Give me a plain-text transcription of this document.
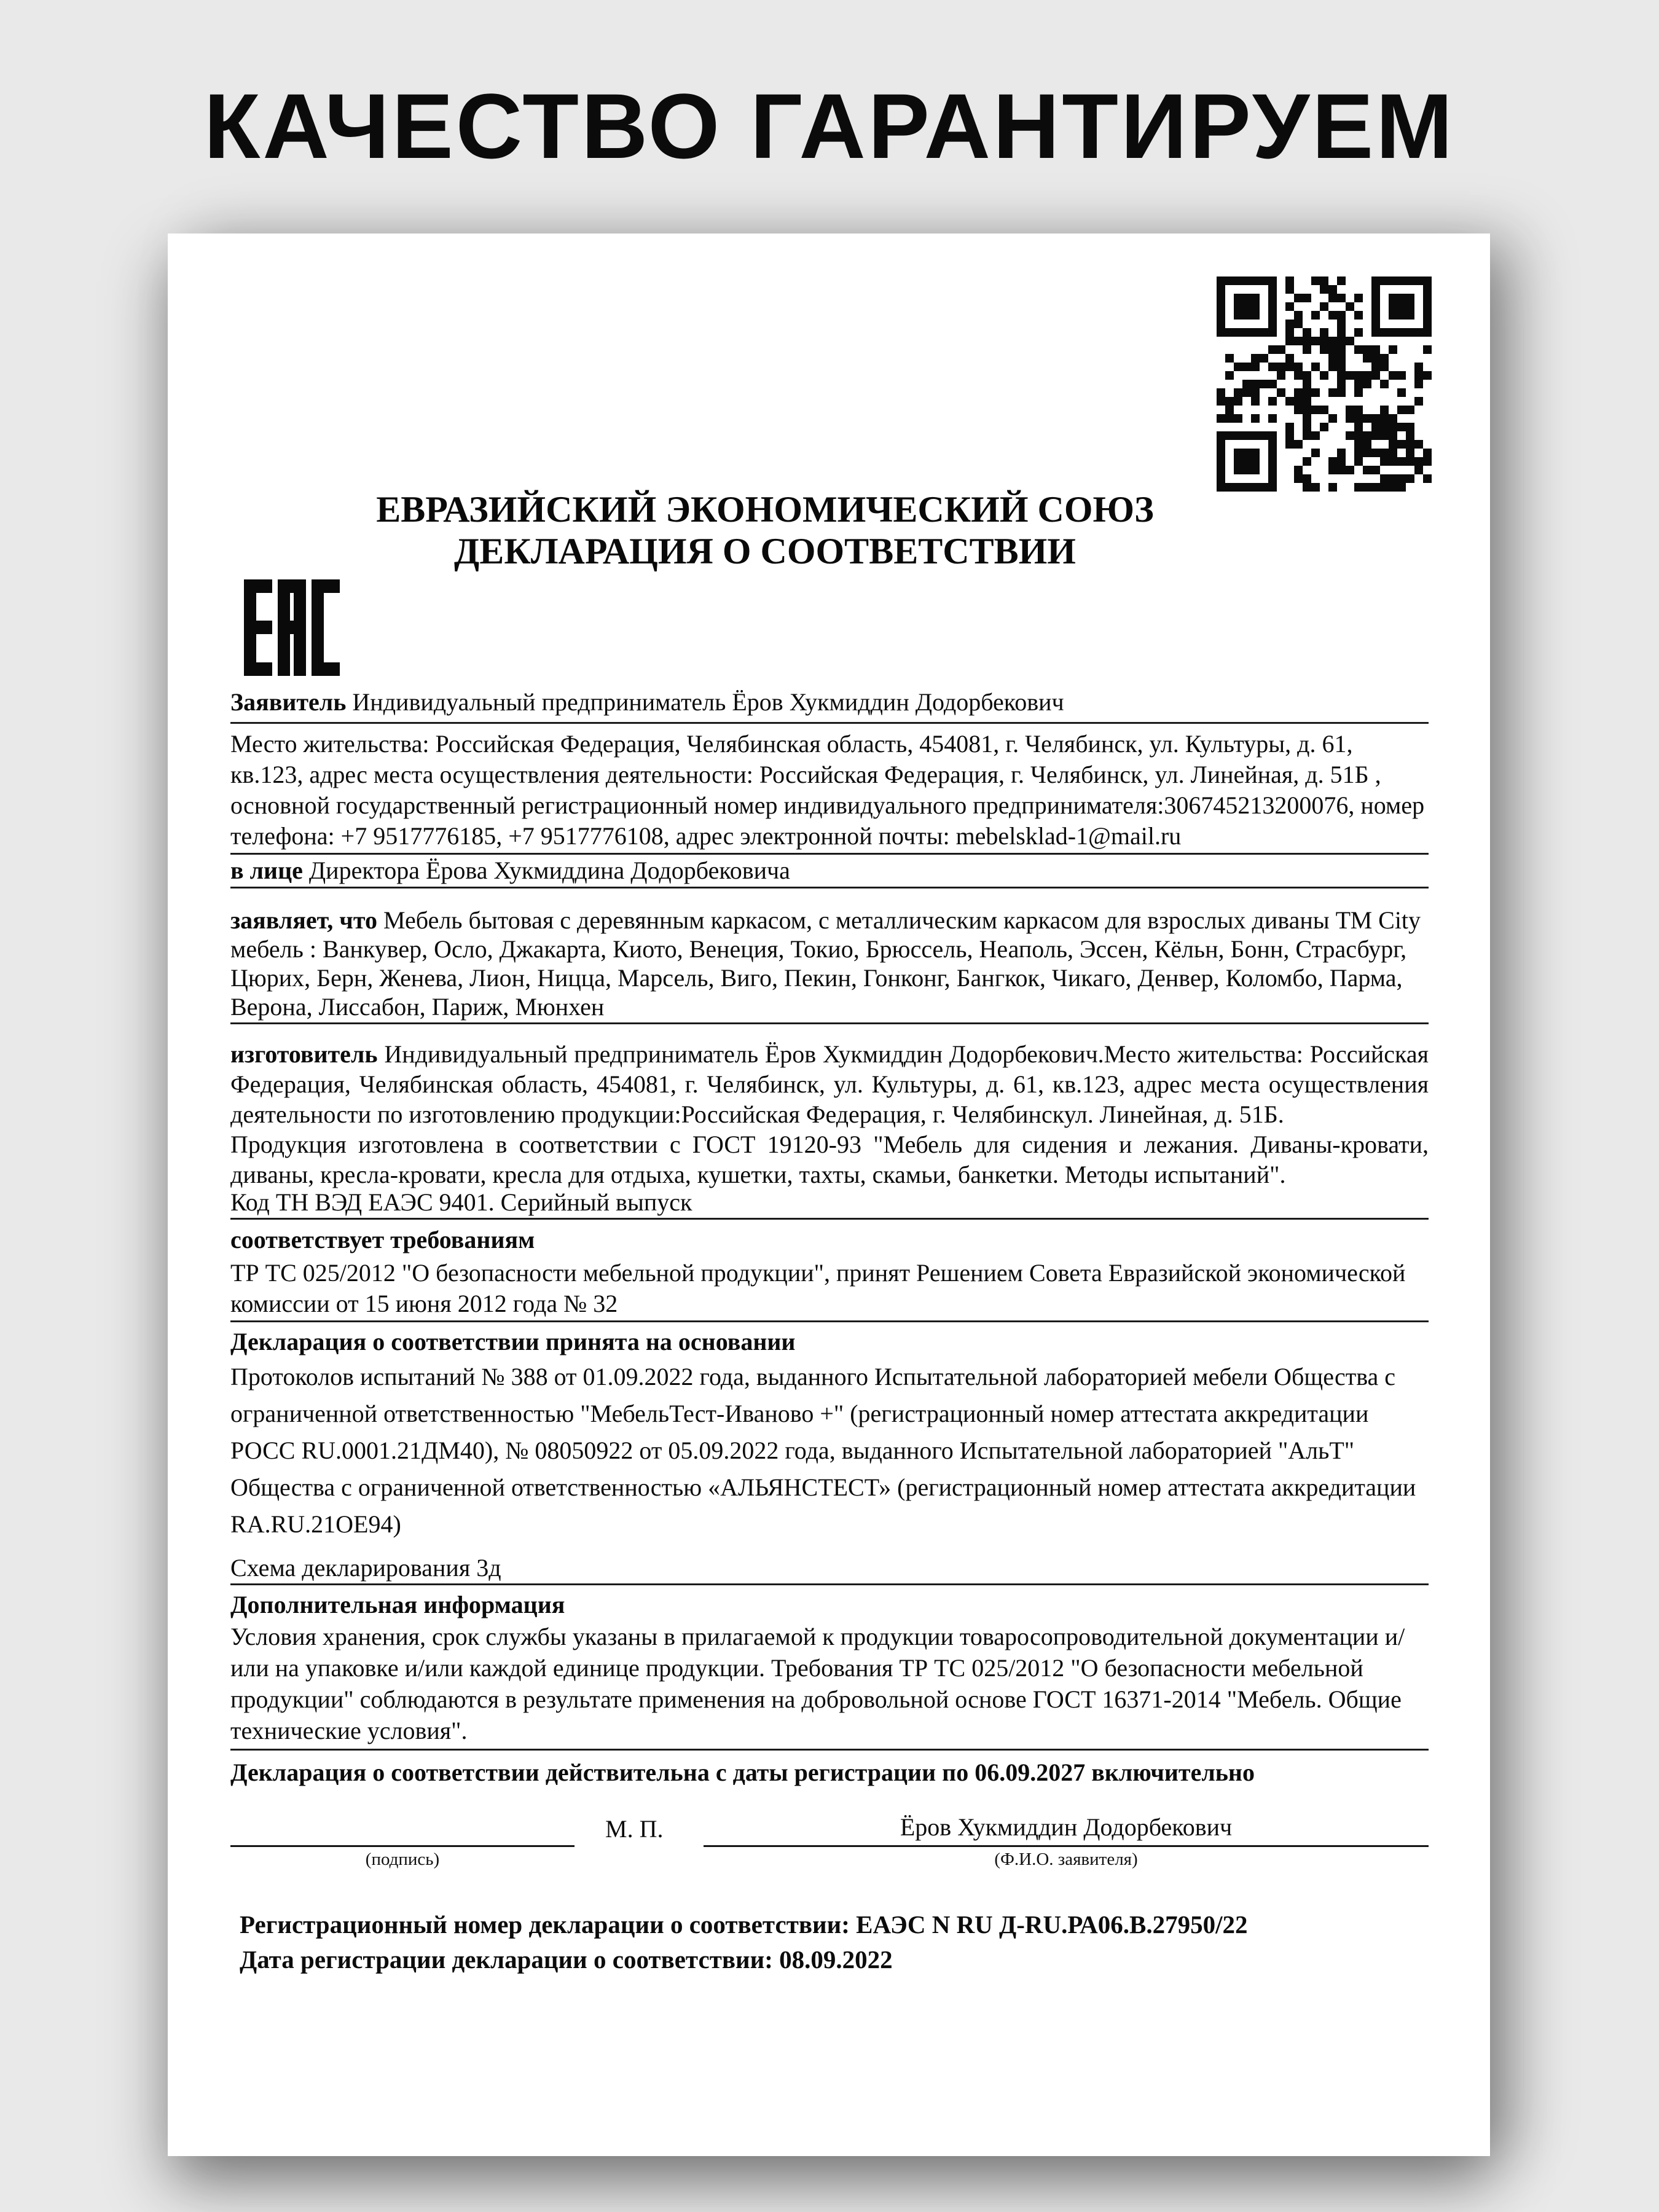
КАЧЕСТВО ГАРАНТИРУЕМ
ЕВРАЗИЙСКИЙ ЭКОНОМИЧЕСКИЙ СОЮЗ
ДЕКЛАРАЦИЯ О СООТВЕТСТВИИ

Заявитель Индивидуальный предприниматель Ёров Хукмиддин Додорбекович

Место жительства: Российская Федерация, Челябинская область, 454081, г. Челябинск, ул. Культуры, д. 61, кв.123, адрес места осуществления деятельности: Российская Федерация, г. Челябинск, ул. Линейная, д. 51Б , основной государственный регистрационный номер индивидуального предпринимателя:306745213200076, номер телефона: +7 9517776185, +7 9517776108, адрес электронной почты: mebelsklad-1@mail.ru

в лице Директора Ёрова Хукмиддина Додорбековича

заявляет, что Мебель бытовая с деревянным каркасом, с металлическим каркасом для взрослых диваны ТМ City мебель : Ванкувер, Осло, Джакарта, Киото, Венеция, Токио, Брюссель, Неаполь, Эссен, Кёльн, Бонн, Страсбург, Цюрих, Берн, Женева, Лион, Ницца, Марсель, Виго, Пекин, Гонконг, Бангкок, Чикаго, Денвер, Коломбо, Парма, Верона, Лиссабон, Париж, Мюнхен

изготовитель Индивидуальный предприниматель Ёров Хукмиддин Додорбекович.Место жительства: Российская Федерация, Челябинская область, 454081, г. Челябинск, ул. Культуры, д. 61, кв.123, адрес места осуществления деятельности по изготовлению продукции:Российская Федерация, г. Челябинскул. Линейная, д. 51Б.

Продукция изготовлена в соответствии с ГОСТ 19120-93 "Мебель для сидения и лежания. Диваны-кровати, диваны, кресла-кровати, кресла для отдыха, кушетки, тахты, скамьи, банкетки. Методы испытаний".

Код ТН ВЭД ЕАЭС 9401. Серийный выпуск

соответствует требованиям

ТР ТС 025/2012 "О безопасности мебельной продукции", принят Решением Совета Евразийской экономической комиссии от 15 июня 2012 года № 32

Декларация о соответствии принята на основании

Протоколов испытаний № 388 от 01.09.2022 года, выданного Испытательной лабораторией мебели Общества с ограниченной ответственностью "МебельТест-Иваново +" (регистрационный номер аттестата аккредитации РОСС RU.0001.21ДМ40), № 08050922 от 05.09.2022 года, выданного Испытательной лабораторией "АльТ" Общества с ограниченной ответственностью «АЛЬЯНСТЕСТ» (регистрационный номер аттестата аккредитации RA.RU.21OE94)

Схема декларирования 3д

Дополнительная информация

Условия хранения, срок службы указаны в прилагаемой к продукции товаросопроводительной документации и/или на упаковке и/или каждой единице продукции. Требования ТР ТС 025/2012 "О безопасности мебельной продукции" соблюдаются в результате применения на добровольной основе ГОСТ 16371-2014 "Мебель. Общие технические условия".

Декларация о соответствии действительна с даты регистрации по 06.09.2027 включительно

(подпись)
М. П.	Ёров Хукмиддин Додорбекович
(Ф.И.О. заявителя)
Регистрационный номер декларации о соответствии: ЕАЭС N RU Д-RU.РА06.В.27950/22
Дата регистрации декларации о соответствии: 08.09.2022
